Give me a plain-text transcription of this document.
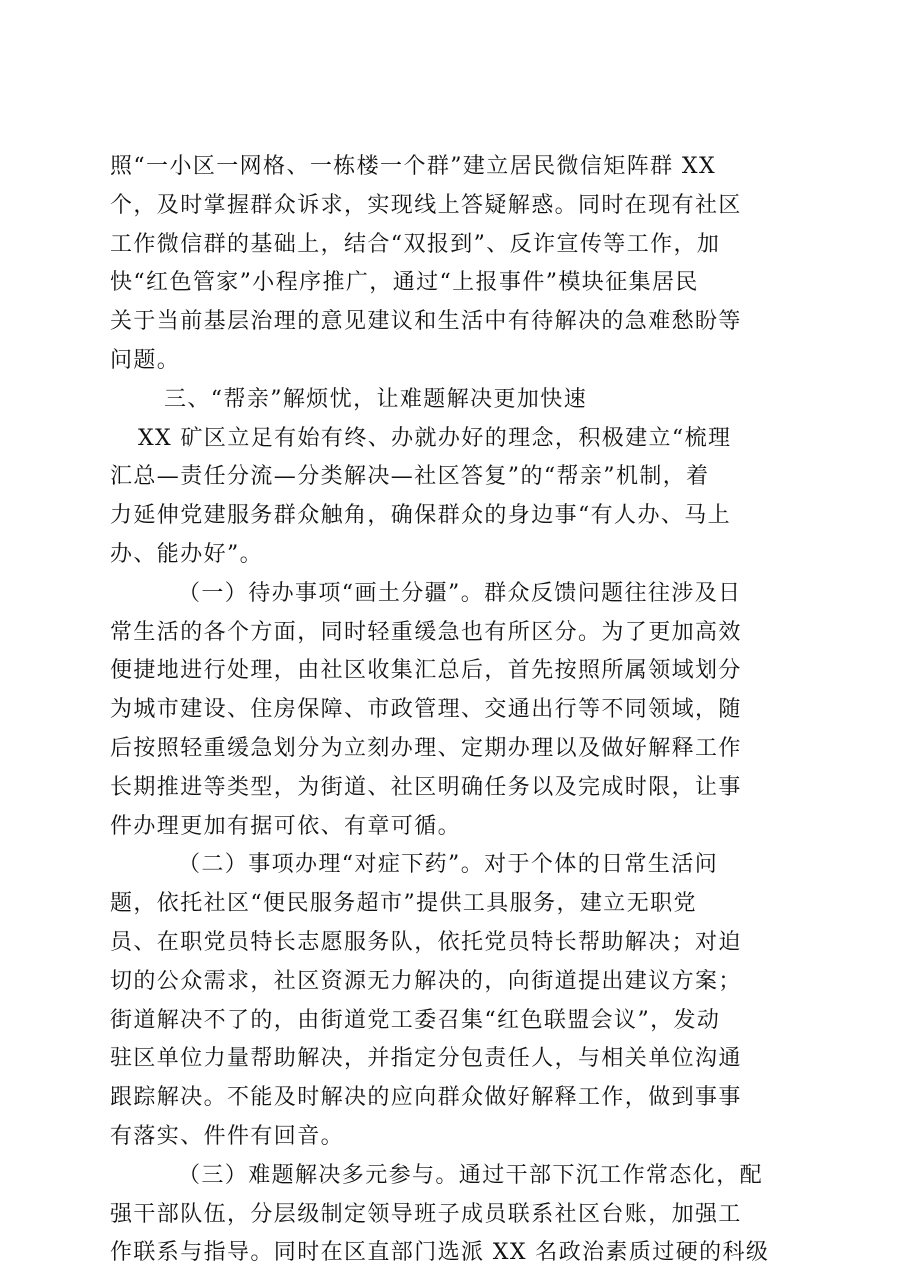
照“一小区一网格、一栋楼一个群”建立居民微信矩阵群 XX
个，及时掌握群众诉求，实现线上答疑解惑。同时在现有社区
工作微信群的基础上，结合“双报到”、反诈宣传等工作，加
快“红色管家”小程序推广，通过“上报事件”模块征集居民
关于当前基层治理的意见建议和生活中有待解决的急难愁盼等
问题。
三、“帮亲”解烦忧，让难题解决更加快速
XX 矿区立足有始有终、办就办好的理念，积极建立“梳理
汇总—责任分流—分类解决—社区答复”的“帮亲”机制，着
力延伸党建服务群众触角，确保群众的身边事“有人办、马上
办、能办好”。
（一）待办事项“画土分疆”。群众反馈问题往往涉及日
常生活的各个方面，同时轻重缓急也有所区分。为了更加高效
便捷地进行处理，由社区收集汇总后，首先按照所属领域划分
为城市建设、住房保障、市政管理、交通出行等不同领域，随
后按照轻重缓急划分为立刻办理、定期办理以及做好解释工作
长期推进等类型，为街道、社区明确任务以及完成时限，让事
件办理更加有据可依、有章可循。
（二）事项办理“对症下药”。对于个体的日常生活问
题，依托社区“便民服务超市”提供工具服务，建立无职党
员、在职党员特长志愿服务队，依托党员特长帮助解决；对迫
切的公众需求，社区资源无力解决的，向街道提出建议方案；
街道解决不了的，由街道党工委召集“红色联盟会议”，发动
驻区单位力量帮助解决，并指定分包责任人，与相关单位沟通
跟踪解决。不能及时解决的应向群众做好解释工作，做到事事
有落实、件件有回音。
（三）难题解决多元参与。通过干部下沉工作常态化，配
强干部队伍，分层级制定领导班子成员联系社区台账，加强工
作联系与指导。同时在区直部门选派 XX 名政治素质过硬的科级
